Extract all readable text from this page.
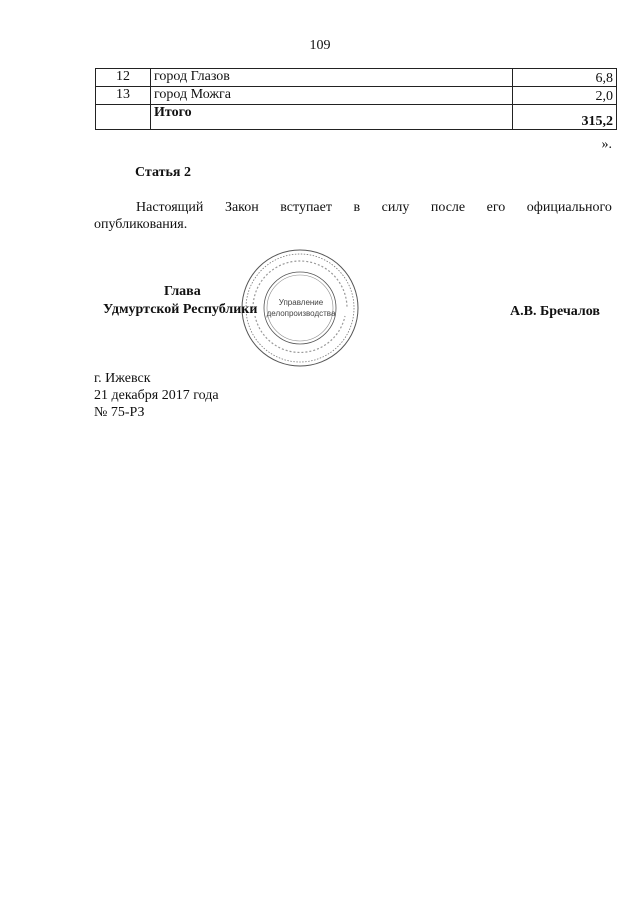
109
12	город Глазов	6,8
13	город Можга	2,0
	Итого	315,2
».
Статья 2
Настоящий Закон вступает в силу после его официального
опубликования.
Управление
делопроизводства
Глава
Удмуртской Республики	А.В. Бречалов
г. Ижевск
21 декабря 2017 года
№ 75-РЗ
